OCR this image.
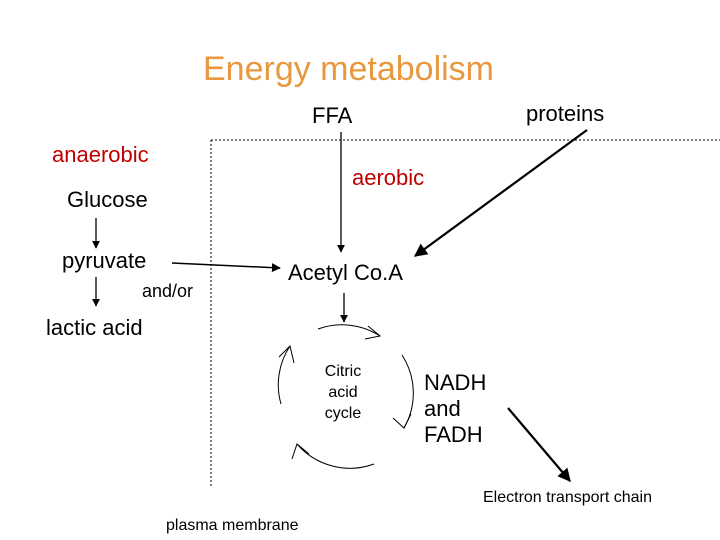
Energy metabolism
FFA	proteins
anaerobic
aerobic
Glucose
pyruvate
and/or
lactic acid
Acetyl Co.A
Citric
acid
cycle
NADH
and
FADH
Electron transport chain
plasma membrane
